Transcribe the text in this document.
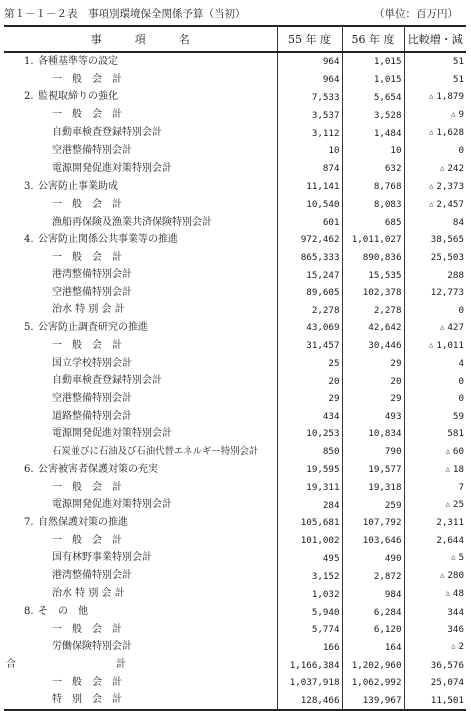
第１－１－２表　事項別環境保全関係予算（当初）	（単位：百万円）
事　　　項　　　名	55 年 度	56 年 度	比較増・減

1. 各種基準等の設定	964	1,015	51

一　般　会　計	964	1,015	51

2. 監視取締りの強化	7,533	5,654	△ 1,879

一　般　会　計	3,537	3,528	△ 9

自動車検査登録特別会計	3,112	1,484	△ 1,628

空港整備特別会計	10	10	0

電源開発促進対策特別会計	874	632	△ 242

3. 公害防止事業助成	11,141	8,768	△ 2,373

一　般　会　計	10,540	8,083	△ 2,457

漁船再保険及漁業共済保険特別会計	601	685	84

4. 公害防止関係公共事業等の推進	972,462	1,011,027	38,565

一　般　会　計	865,333	890,836	25,503

港湾整備特別会計	15,247	15,535	288

空港整備特別会計	89,605	102,378	12,773

治水 特 別 会 計	2,278	2,278	0

5. 公害防止調査研究の推進	43,069	42,642	△ 427

一　般　会　計	31,457	30,446	△ 1,011

国立学校特別会計	25	29	4

自動車検査登録特別会計	20	20	0

空港整備特別会計	29	29	0

道路整備特別会計	434	493	59

電源開発促進対策特別会計	10,253	10,834	581

石炭並びに石油及び石油代替エネルギー特別会計	850	790	△ 60

6. 公害被害者保護対策の充実	19,595	19,577	△ 18

一　般　会　計	19,311	19,318	7

電源開発促進対策特別会計	284	259	△ 25

7. 自然保護対策の推進	105,681	107,792	2,311

一　般　会　計	101,002	103,646	2,644

国有林野事業特別会計	495	490	△ 5

港湾整備特別会計	3,152	2,872	△ 280

治水 特 別 会 計	1,032	984	△ 48

8. そ　の　他	5,940	6,284	344

一　般　会　計	5,774	6,120	346

労働保険特別会計	166	164	△ 2

合　　　　　　　　　　計	1,166,384	1,202,960	36,576

一　般　会　計	1,037,918	1,062,992	25,074

特　別　会　計	128,466	139,967	11,501
